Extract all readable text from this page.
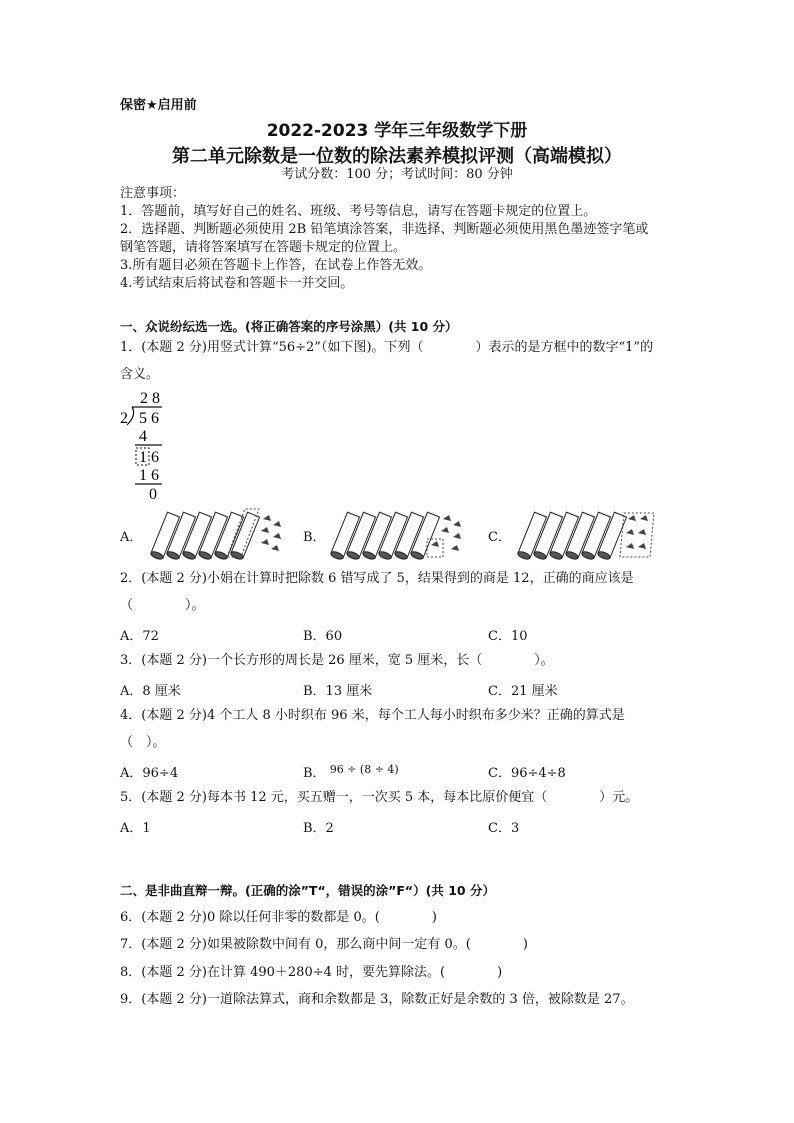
保密★启用前
2022-2023 学年三年级数学下册
第二单元除数是一位数的除法素养模拟评测（高端模拟）
考试分数：100 分；考试时间：80 分钟
注意事项：
1．答题前，填写好自己的姓名、班级、考号等信息，请写在答题卡规定的位置上。
2．选择题、判断题必须使用 2B 铅笔填涂答案，非选择、判断题必须使用黑色墨迹签字笔或
钢笔答题，请将答案填写在答题卡规定的位置上。
3.所有题目必须在答题卡上作答，在试卷上作答无效。
4.考试结束后将试卷和答题卡一并交回。
一、众说纷纭选一选。(将正确答案的序号涂黑）(共 10 分）
1．(本题 2 分)用竖式计算“56÷2”（如下图)。下列（　　　　）表示的是方框中的数字“1”的
含义。
2 8
2 5 6
4
1 6
1 6
0
A．	B．	C．
2．(本题 2 分)小娟在计算时把除数 6 错写成了 5，结果得到的商是 12，正确的商应该是
（　　　　）。
A．72	B．60	C．10
3．(本题 2 分)一个长方形的周长是 26 厘米，宽 5 厘米，长（　　　　）。
A．8 厘米	B．13 厘米	C．21 厘米
4．(本题 2 分)4 个工人 8 小时织布 96 米，每个工人每小时织布多少米？正确的算式是
（　）。
A．96÷4	B． $^{96 \div (8 \div 4)}$	C．96÷4÷8
5．(本题 2 分)每本书 12 元，买五赠一，一次买 5 本，每本比原价便宜（　　　　）元。
A．1	B．2	C．3
二、是非曲直辩一辩。(正确的涂”T“，错误的涂”F“）(共 10 分）
6．(本题 2 分)0 除以任何非零的数都是 0。(　　　　)
7．(本题 2 分)如果被除数中间有 0，那么商中间一定有 0。(　　　　)
8．(本题 2 分)在计算 490＋280÷4 时，要先算除法。(　　　　)
9．(本题 2 分)一道除法算式，商和余数都是 3，除数正好是余数的 3 倍，被除数是 27。
